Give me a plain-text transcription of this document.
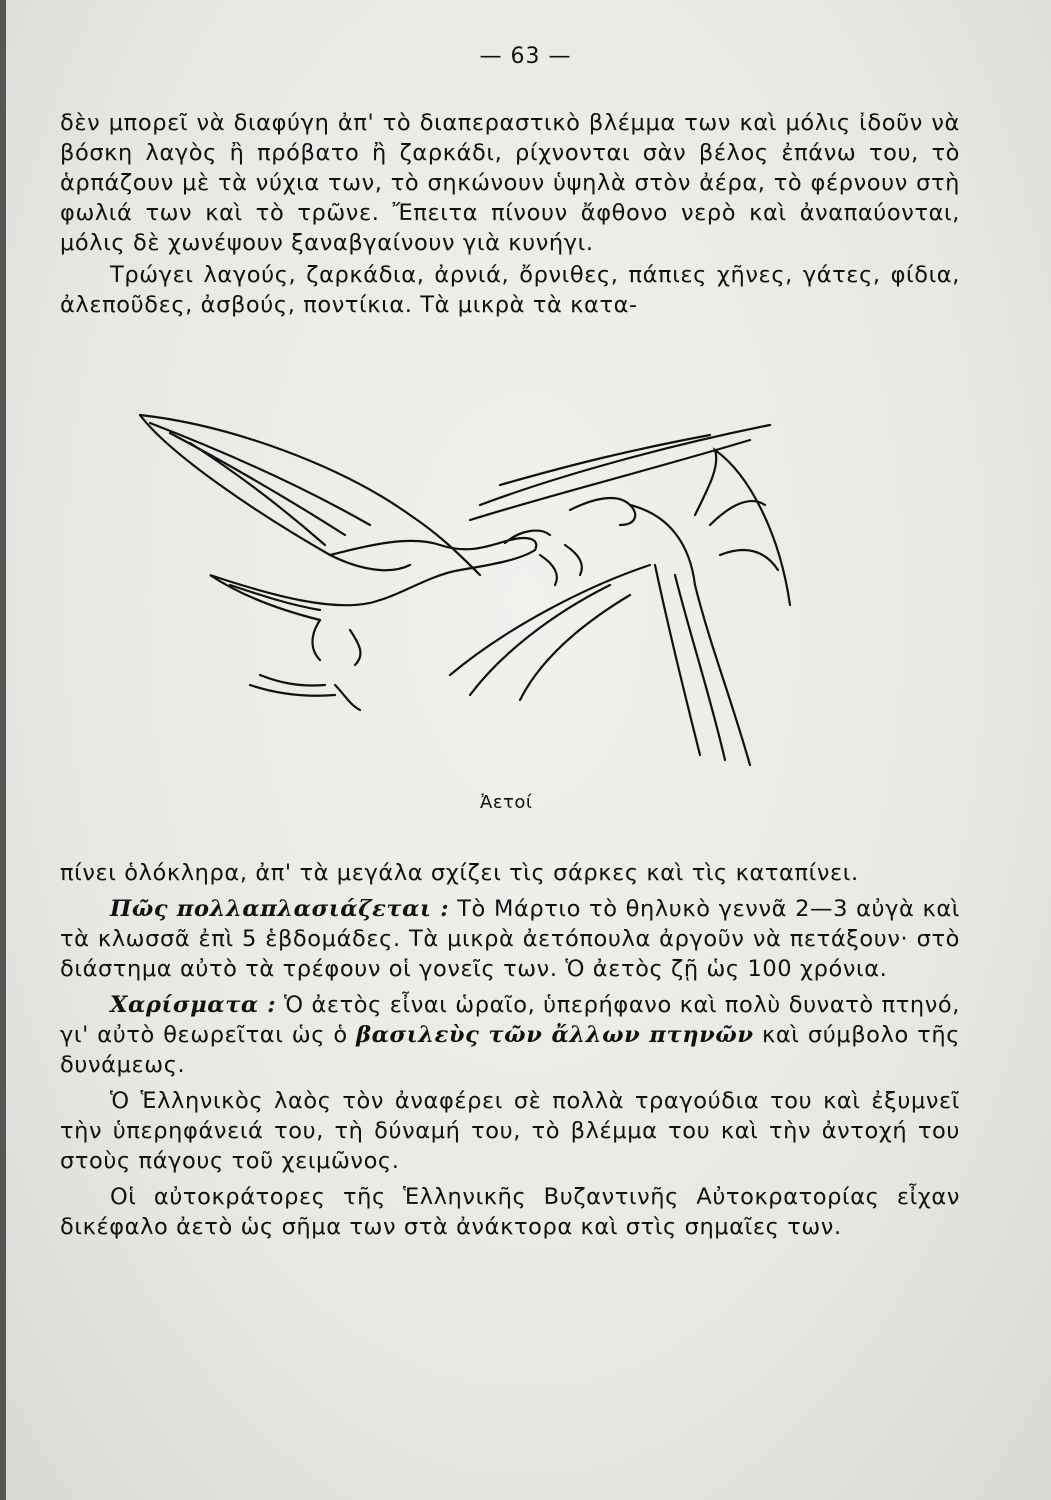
— 63 —

δὲν μπορεῖ νὰ διαφύγη ἀπ' τὸ διαπεραστικὸ βλέμμα των καὶ μόλις ἰδοῦν νὰ βόσκη λαγὸς ἢ πρόβατο ἢ ζαρκάδι, ρίχνονται σὰν βέλος ἐπάνω του, τὸ ἁρπάζουν μὲ τὰ νύχια των, τὸ σηκώνουν ὑψηλὰ στὸν ἀέρα, τὸ φέρνουν στὴ φωλιά των καὶ τὸ τρῶνε. Ἔπειτα πίνουν ἄφθονο νερὸ καὶ ἀναπαύονται, μόλις δὲ χωνέψουν ξαναβγαίνουν γιὰ κυνήγι.

Τρώγει λαγούς, ζαρκάδια, ἀρνιά, ὄρνιθες, πάπιες χῆνες, γάτες, φίδια, ἀλεποῦδες, ἀσβούς, ποντίκια. Τὰ μικρὰ τὰ κατα-

Ἀετοί

πίνει ὁλόκληρα, ἀπ' τὰ μεγάλα σχίζει τὶς σάρκες καὶ τὶς καταπίνει.

Πῶς πολλαπλασιάζεται : Τὸ Μάρτιο τὸ θηλυκὸ γεννᾶ 2—3 αὐγὰ καὶ τὰ κλωσσᾶ ἐπὶ 5 ἑβδομάδες. Τὰ μικρὰ ἀετόπουλα ἀργοῦν νὰ πετάξουν· στὸ διάστημα αὐτὸ τὰ τρέφουν οἱ γονεῖς των. Ὁ ἀετὸς ζῇ ὡς 100 χρόνια.

Χαρίσματα : Ὁ ἀετὸς εἶναι ὡραῖο, ὑπερήφανο καὶ πολὺ δυνατὸ πτηνό, γι' αὐτὸ θεωρεῖται ὡς ὁ βασιλεὺς τῶν ἄλλων πτηνῶν καὶ σύμβολο τῆς δυνάμεως.

Ὁ Ἑλληνικὸς λαὸς τὸν ἀναφέρει σὲ πολλὰ τραγούδια του καὶ ἐξυμνεῖ τὴν ὑπερηφάνειά του, τὴ δύναμή του, τὸ βλέμμα του καὶ τὴν ἀντοχή του στοὺς πάγους τοῦ χειμῶνος.

Οἱ αὐτοκράτορες τῆς Ἑλληνικῆς Βυζαντινῆς Αὐτοκρατορίας εἶχαν δικέφαλο ἀετὸ ὡς σῆμα των στὰ ἀνάκτορα καὶ στὶς σημαῖες των.
